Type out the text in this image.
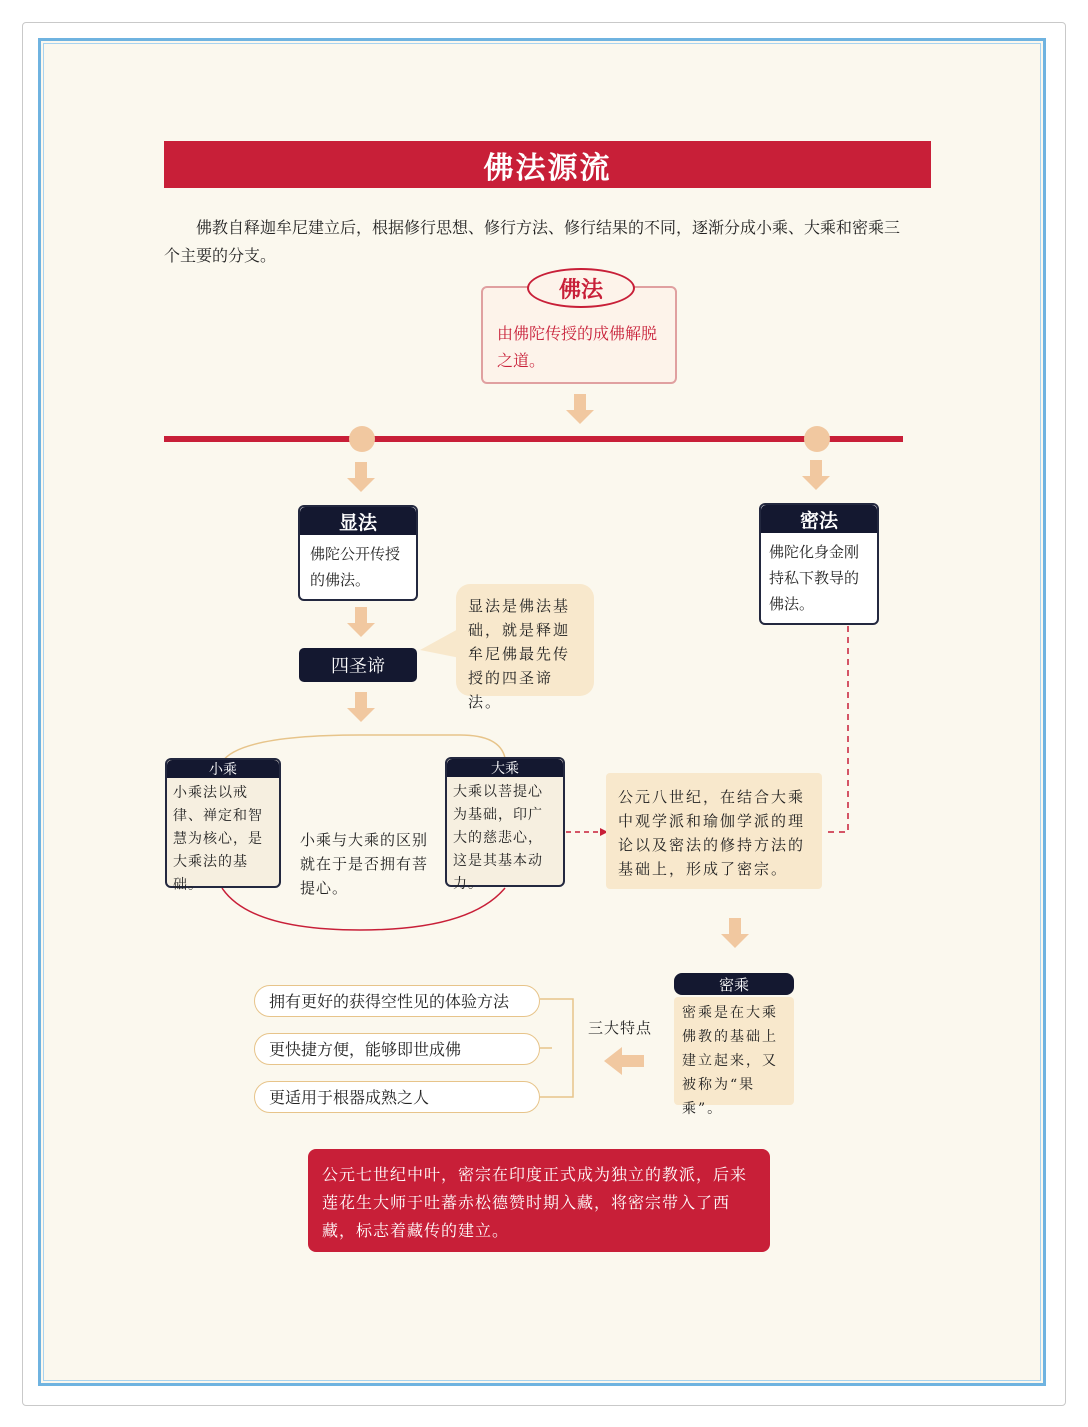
佛法源流
佛教自释迦牟尼建立后，根据修行思想、修行方法、修行结果的不同，逐渐分成小乘、大乘和密乘三个主要的分支。
由佛陀传授的成佛解脱之道。
佛法
显法
佛陀公开传授的佛法。
密法
佛陀化身金刚持私下教导的佛法。
四圣谛
显法是佛法基础，就是释迦牟尼佛最先传授的四圣谛法。
小乘
小乘法以戒律、禅定和智慧为核心，是大乘法的基础。
小乘与大乘的区别就在于是否拥有菩提心。
大乘
大乘以菩提心为基础，印广大的慈悲心，这是其基本动力。
公元八世纪，在结合大乘中观学派和瑜伽学派的理论以及密法的修持方法的基础上，形成了密宗。
密乘
密乘是在大乘佛教的基础上建立起来，又被称为“果乘”。
三大特点
拥有更好的获得空性见的体验方法
更快捷方便，能够即世成佛
更适用于根器成熟之人
公元七世纪中叶，密宗在印度正式成为独立的教派，后来莲花生大师于吐蕃赤松德赞时期入藏，将密宗带入了西藏，标志着藏传的建立。
